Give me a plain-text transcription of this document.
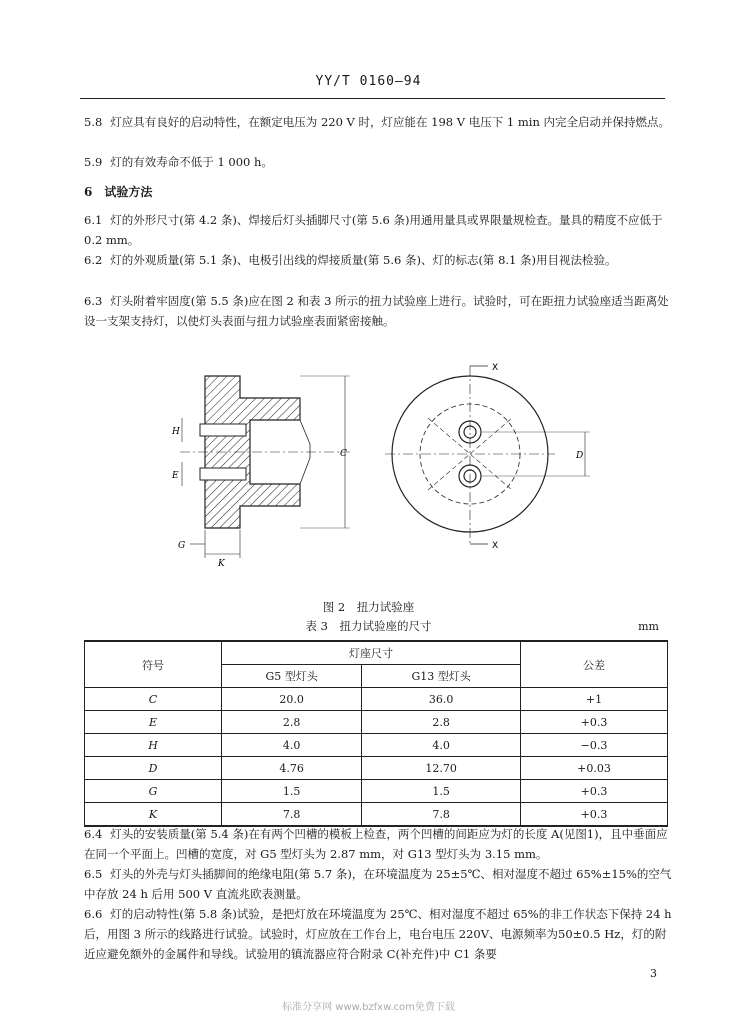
YY/T 0160—94
5.8 灯应具有良好的启动特性，在额定电压为 220 V 时，灯应能在 198 V 电压下 1 min 内完全启动并保持燃点。
5.9 灯的有效寿命不低于 1 000 h。
6　 试验方法
6.1 灯的外形尺寸(第 4.2 条)、焊接后灯头插脚尺寸(第 5.6 条)用通用量具或界限量规检查。量具的精度不应低于 0.2 mm。
6.2 灯的外观质量(第 5.1 条)、电极引出线的焊接质量(第 5.6 条)、灯的标志(第 8.1 条)用目视法检验。
6.3 灯头附着牢固度(第 5.5 条)应在图 2 和表 3 所示的扭力试验座上进行。试验时，可在距扭力试验座适当距离处设一支架支持灯，以使灯头表面与扭力试验座表面紧密接触。
H
E
G
K
C
X
X
D
图 2　扭力试验座
表 3　扭力试验座的尺寸	mm
符号	灯座尺寸		公差
	G5 型灯头	G13 型灯头	
C	20.0	36.0	+1
E	2.8	2.8	+0.3
H	4.0	4.0	−0.3
D	4.76	12.70	+0.03
G	1.5	1.5	+0.3
K	7.8	7.8	+0.3
6.4 灯头的安装质量(第 5.4 条)在有两个凹槽的模板上检查，两个凹槽的间距应为灯的长度 A(见图1)，且中垂面应在同一个平面上。凹槽的宽度，对 G5 型灯头为 2.87 mm，对 G13 型灯头为 3.15 mm。
6.5 灯头的外壳与灯头插脚间的绝缘电阻(第 5.7 条)，在环境温度为 25±5℃、相对湿度不超过 65%±15%的空气中存放 24 h 后用 500 V 直流兆欧表测量。
6.6 灯的启动特性(第 5.8 条)试验，是把灯放在环境温度为 25℃、相对湿度不超过 65%的非工作状态下保持 24 h 后，用图 3 所示的线路进行试验。试验时，灯应放在工作台上，电台电压 220V、电源频率为50±0.5 Hz，灯的附近应避免额外的金属件和导线。试验用的镇流器应符合附录 C(补充件)中 C1 条要
3
标准分享网 www.bzfxw.com免费下载
